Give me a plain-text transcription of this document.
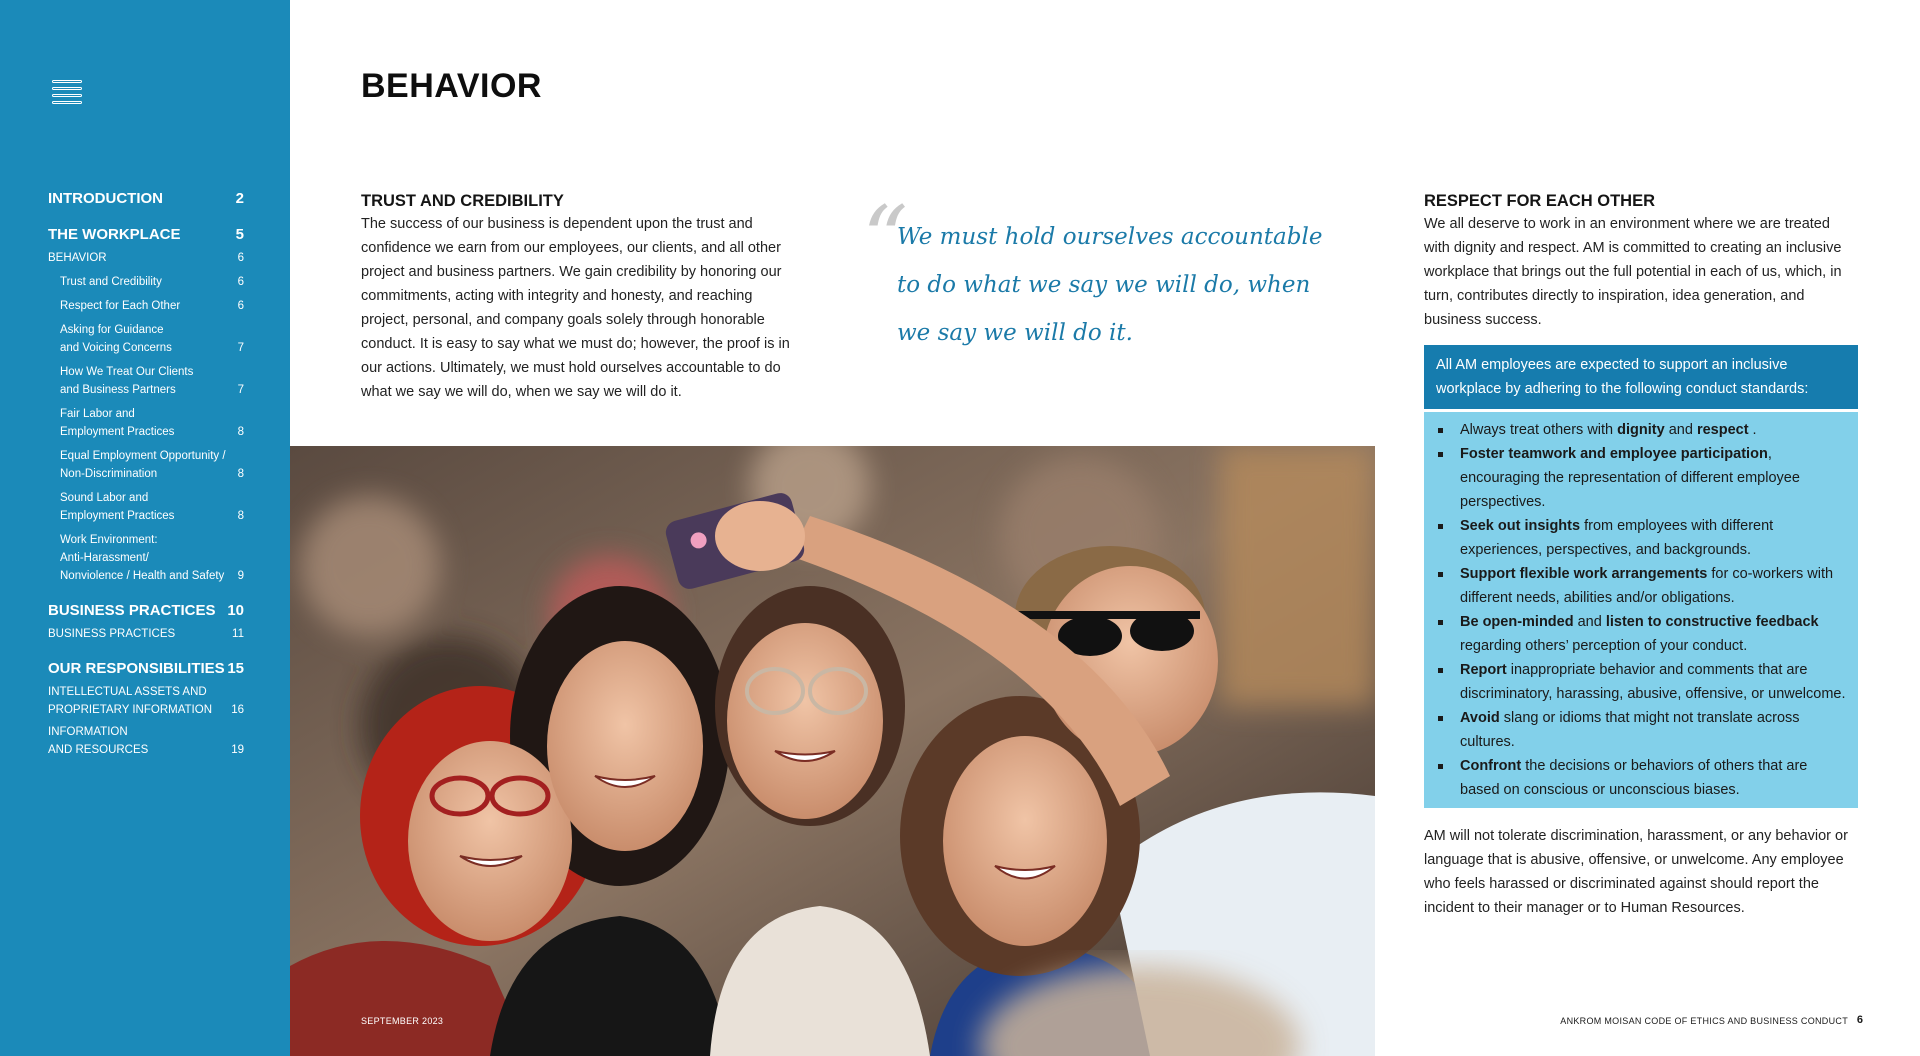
INTRODUCTION	2
THE WORKPLACE	5
BEHAVIOR	6
Trust and Credibility	6
Respect for Each Other	6
Asking for Guidance
and Voicing Concerns	7
How We Treat Our Clients
and Business Partners	7
Fair Labor and
Employment Practices	8
Equal Employment Opportunity /
Non-Discrimination	8
Sound Labor and
Employment Practices	8
Work Environment:
Anti-Harassment/
Nonviolence / Health and Safety 9
BUSINESS PRACTICES 10
BUSINESS PRACTICES	11
OUR RESPONSIBILITIES 15
INTELLECTUAL ASSETS AND
PROPRIETARY INFORMATION 16
INFORMATION
AND RESOURCES	19
BEHAVIOR
TRUST AND CREDIBILITY

The success of our business is dependent upon the trust and confidence we earn from our employees, our clients, and all other project and business partners. We gain credibility by honoring our commitments, acting with integrity and honesty, and reaching project, personal, and company goals solely through honorable conduct. It is easy to say what we must do; however, the proof is in our actions. Ultimately, we must hold ourselves accountable to do what we say we will do, when we say we will do it.

“

We must hold ourselves accountable to do what we say we will do, when we say we will do it.

RESPECT FOR EACH OTHER

We all deserve to work in an environment where we are treated with dignity and respect. AM is committed to creating an inclusive workplace that brings out the full potential in each of us, which, in turn, contributes directly to inspiration, idea generation, and business success.

All AM employees are expected to support an inclusive workplace by adhering to the following conduct standards:
Always treat others with dignity and respect .
Foster teamwork and employee participation, encouraging the representation of different employee perspectives.
Seek out insights from employees with different experiences, perspectives, and backgrounds.
Support flexible work arrangements for co-workers with different needs, abilities and/or obligations.
Be open-minded and listen to constructive feedback regarding others’ perception of your conduct.
Report inappropriate behavior and comments that are discriminatory, harassing, abusive, offensive, or unwelcome.
Avoid slang or idioms that might not translate across cultures.
Confront the decisions or behaviors of others that are based on conscious or unconscious biases.

AM will not tolerate discrimination, harassment, or any behavior or language that is abusive, offensive, or unwelcome. Any employee who feels harassed or discriminated against should report the incident to their manager or to Human Resources.

SEPTEMBER 2023	ANKROM MOISAN CODE OF ETHICS AND BUSINESS CONDUCT 6
